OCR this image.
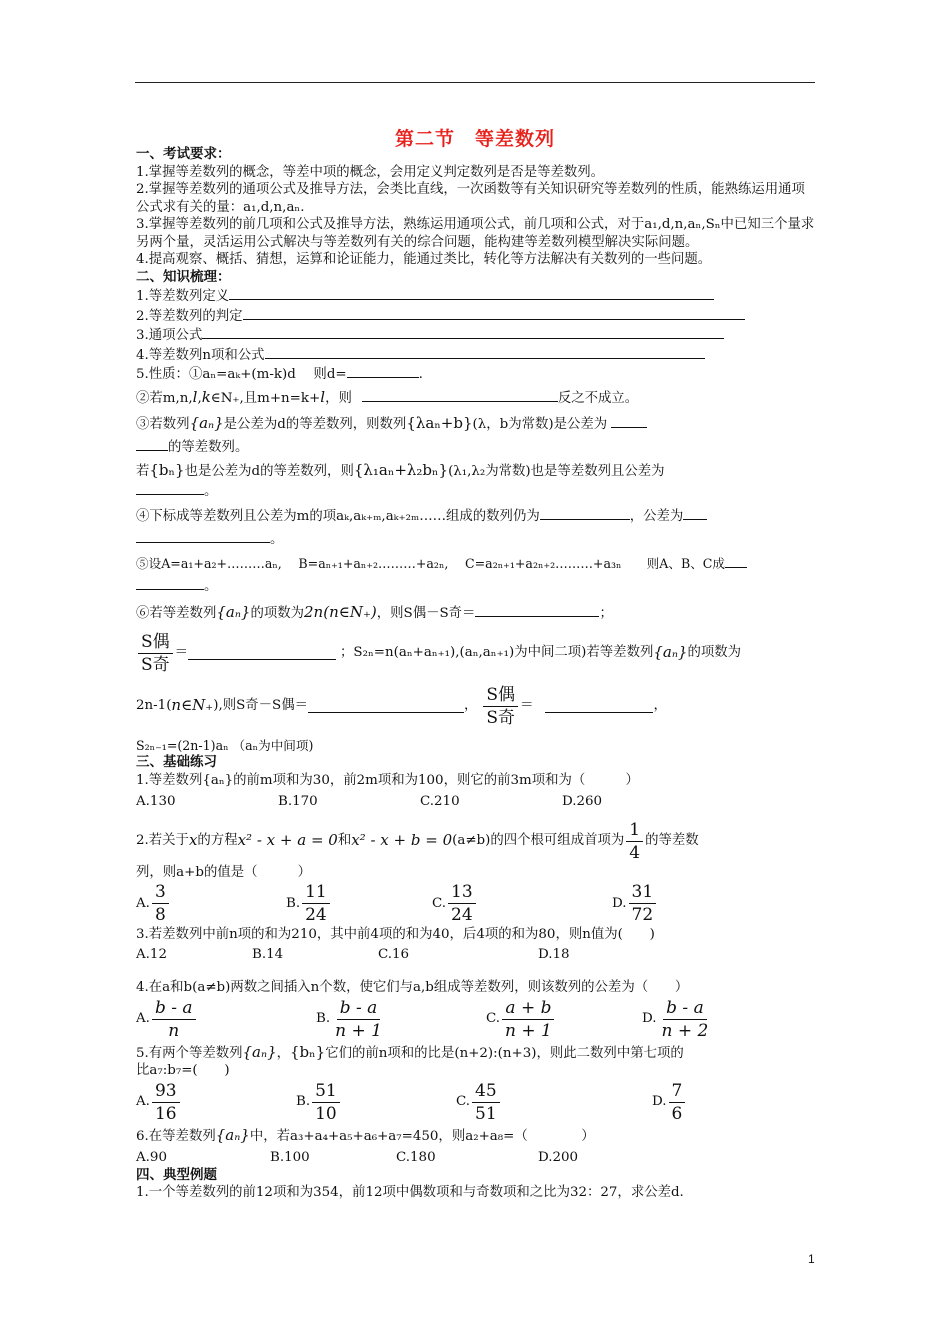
第二节　等差数列
一、考试要求：
1.掌握等差数列的概念，等差中项的概念，会用定义判定数列是否是等差数列。
2.掌握等差数列的通项公式及推导方法，会类比直线，一次函数等有关知识研究等差数列的性质，能熟练运用通项公式求有关的量：a₁,d,n,aₙ.
3.掌握等差数列的前几项和公式及推导方法，熟练运用通项公式，前几项和公式，对于a₁,d,n,aₙ,Sₙ中已知三个量求另两个量，灵活运用公式解决与等差数列有关的综合问题，能构建等差数列模型解决实际问题。
4.提高观察、概括、猜想，运算和论证能力，能通过类比，转化等方法解决有关数列的一些问题。
二、知识梳理：
1.等差数列定义
2.等差数列的判定
3.通项公式
4.等差数列n项和公式
5.性质：①aₙ=aₖ+(m-k)d　 则d=	.
②若m,n,l,k∈N₊,且m+n=k+l，则	反之不成立。
③若数列{aₙ}是公差为d的等差数列，则数列{λaₙ+b}(λ，b为常数)是公差为
的等差数列。
若{bₙ}也是公差为d的等差数列，则{λ₁aₙ+λ₂bₙ}(λ₁,λ₂为常数)也是等差数列且公差为
。
④下标成等差数列且公差为m的项aₖ,aₖ₊ₘ,aₖ₊₂ₘ……组成的数列仍为	，公差为
。
⑤设A=a₁+a₂+………aₙ,　 B=aₙ₊₁+aₙ₊₂………+a₂ₙ,　 C=a₂ₙ₊₁+a₂ₙ₊₂………+a₃ₙ　　则A、B、C成
。
⑥若等差数列{aₙ}的项数为2n(n∈N₊)，则S偶－S奇＝	；
$\frac{\text{S偶}}{\text{S奇}}$ ＝	；S₂ₙ=n(aₙ+aₙ₊₁),(aₙ,aₙ₊₁)为中间二项)若等差数列 {aₙ} 的项数为
2n-1( n∈N₊ ),则S奇－S偶＝	， $\frac{\text{S偶}}{\text{S奇}}$ ＝	，
S₂ₙ₋₁=(2n-1)aₙ （aₙ为中间项)
三、基础练习
1.等差数列{aₙ}的前m项和为30，前2m项和为100，则它的前3m项和为（　　　）
A.130	B.170	C.210	D.260
2.若关于 x 的方程 x² - x + a = 0 和 x² - x + b = 0 (a≠b)的四个根可组成首项为 $\frac{1}{4}$ 的等差数
列，则a+b的值是（　　　）
A. $\frac{3}{8}$	B. $\frac{11}{24}$	C. $\frac{13}{24}$	D. $\frac{31}{72}$
3.若差数列中前n项的和为210，其中前4项的和为40，后4项的和为80，则n值为(　　)
A.12	B.14	C.16	D.18
4.在a和b(a≠b)两数之间插入n个数，使它们与a,b组成等差数列，则该数列的公差为（　　）
A. $\frac{b - a}{n}$	B. $\frac{b - a}{n + 1}$	C. $\frac{a + b}{n + 1}$	D. $\frac{b - a}{n + 2}$
5.有两个等差数列{aₙ}，{bₙ}它们的前n项和的比是(n+2):(n+3)，则此二数列中第七项的
比a₇:b₇=(　　)
A. $\frac{93}{16}$	B. $\frac{51}{10}$	C. $\frac{45}{51}$	D. $\frac{7}{6}$
6.在等差数列{aₙ}中，若a₃+a₄+a₅+a₆+a₇=450，则a₂+a₈=（　　　　）
A.90	B.100	C.180	D.200
四、典型例题
1.一个等差数列的前12项和为354，前12项中偶数项和与奇数项和之比为32：27，求公差d.
1
